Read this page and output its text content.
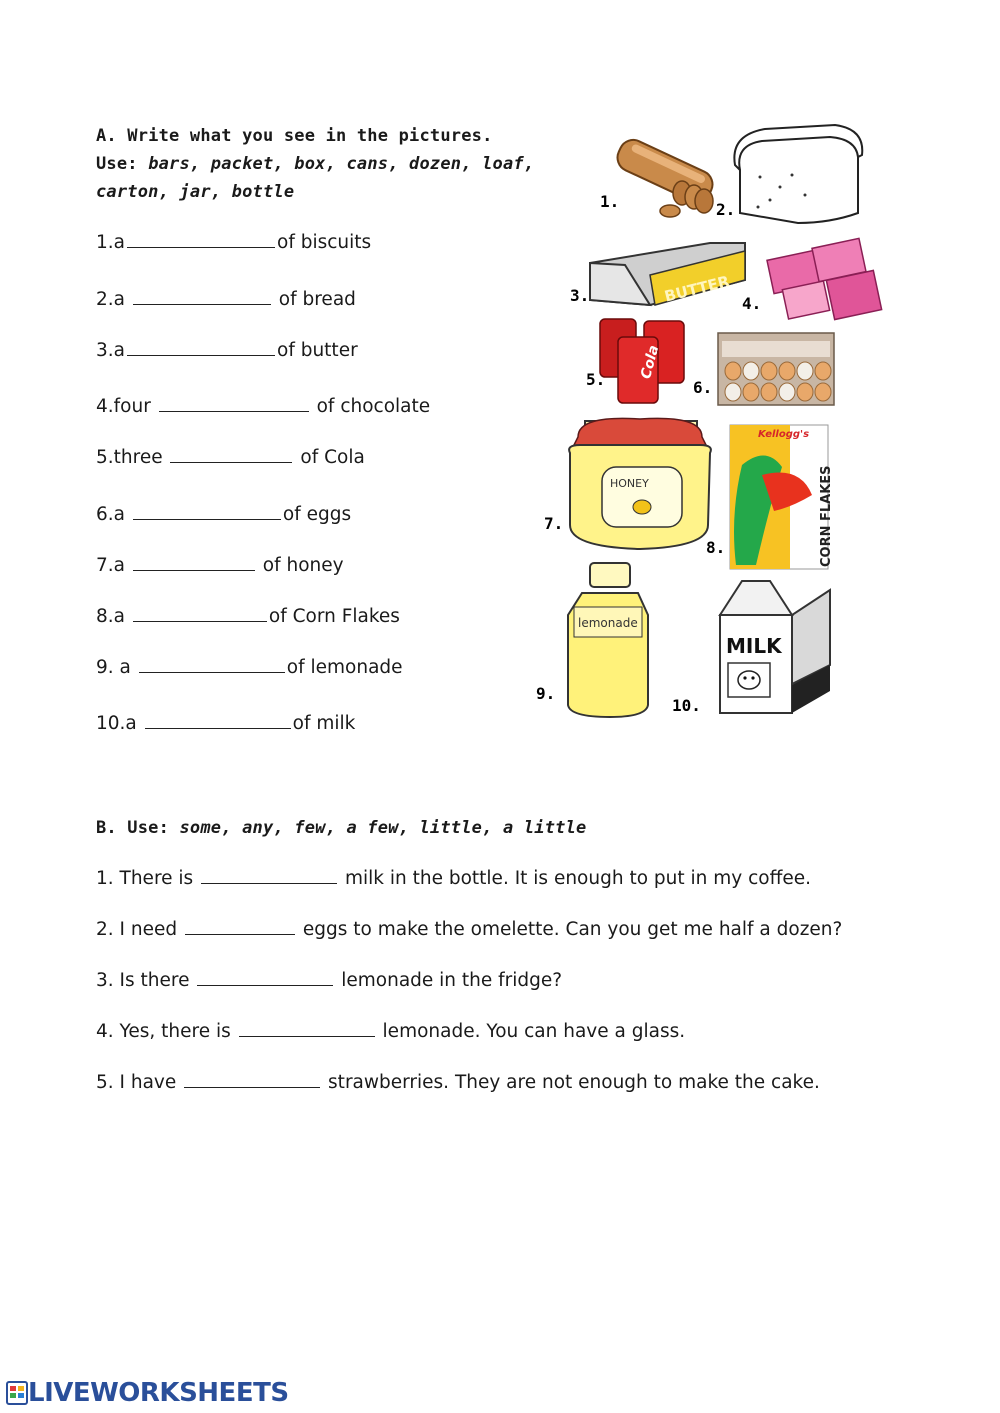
A. Write what you see in the pictures.
Use: bars, packet, box, cans, dozen, loaf,
carton, jar, bottle
1.a	of biscuits
2.a	of bread
3.a	of butter
4.four	of chocolate
5.three	of Cola
6.a	of eggs
7.a	of honey
8.a	of Corn Flakes
9. a	of lemonade
10.a	of milk
1.	2.
BUTTER
3.	4.
Cola
5.	6.
HONEY
7.
Kellogg's
CORN FLAKES
8.
lemonade
9.
MILK
10.
B. Use: some, any, few, a few, little, a little
1. There is	milk in the bottle. It is enough to put in my coffee.
2. I need	eggs to make the omelette. Can you get me half a dozen?
3. Is there	lemonade in the fridge?
4. Yes, there is	lemonade. You can have a glass.
5. I have	strawberries. They are not enough to make the cake.
LIVEWORKSHEETS
